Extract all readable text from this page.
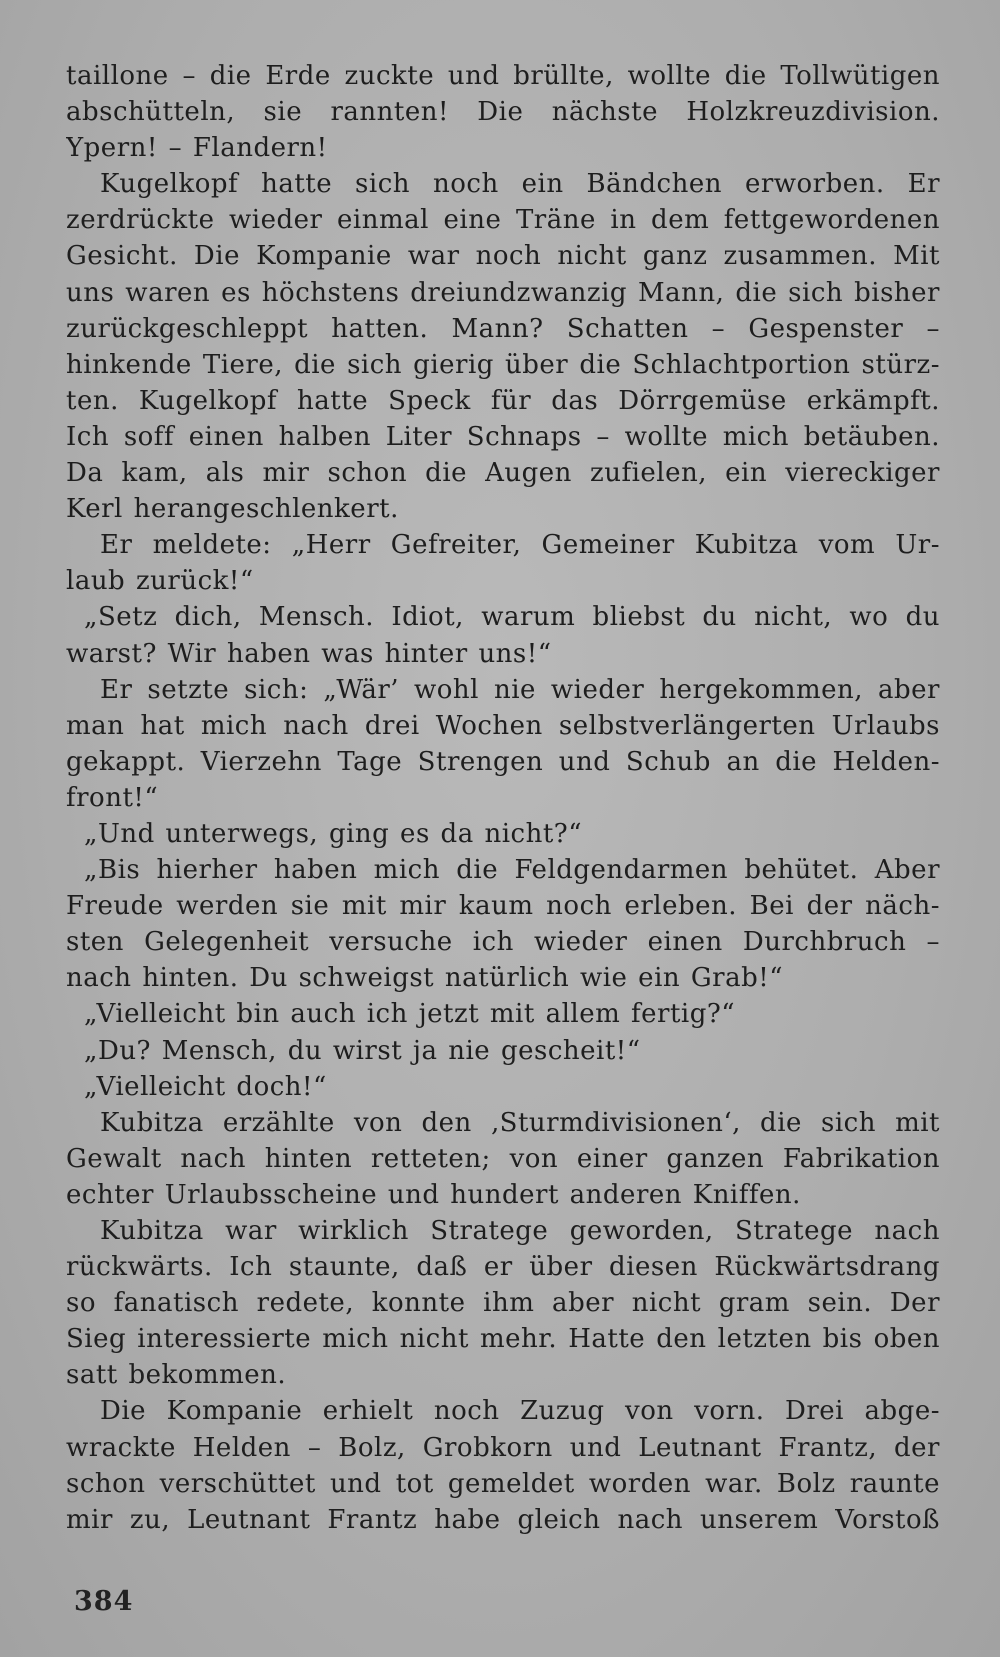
taillone – die Erde zuckte und brüllte, wollte die Tollwütigen
abschütteln, sie rannten! Die nächste Holzkreuzdivision.
Ypern! – Flandern!
Kugelkopf hatte sich noch ein Bändchen erworben. Er
zerdrückte wieder einmal eine Träne in dem fettgewordenen
Gesicht. Die Kompanie war noch nicht ganz zusammen. Mit
uns waren es höchstens dreiundzwanzig Mann, die sich bisher
zurückgeschleppt hatten. Mann? Schatten – Gespenster –
hinkende Tiere, die sich gierig über die Schlachtportion stürz-
ten. Kugelkopf hatte Speck für das Dörrgemüse erkämpft.
Ich soff einen halben Liter Schnaps – wollte mich betäuben.
Da kam, als mir schon die Augen zufielen, ein viereckiger
Kerl herangeschlenkert.
Er meldete: „Herr Gefreiter, Gemeiner Kubitza vom Ur-
laub zurück!“
„Setz dich, Mensch. Idiot, warum bliebst du nicht, wo du
warst? Wir haben was hinter uns!“
Er setzte sich: „Wär’ wohl nie wieder hergekommen, aber
man hat mich nach drei Wochen selbstverlängerten Urlaubs
gekappt. Vierzehn Tage Strengen und Schub an die Helden-
front!“
„Und unterwegs, ging es da nicht?“
„Bis hierher haben mich die Feldgendarmen behütet. Aber
Freude werden sie mit mir kaum noch erleben. Bei der näch-
sten Gelegenheit versuche ich wieder einen Durchbruch –
nach hinten. Du schweigst natürlich wie ein Grab!“
„Vielleicht bin auch ich jetzt mit allem fertig?“
„Du? Mensch, du wirst ja nie gescheit!“
„Vielleicht doch!“
Kubitza erzählte von den ‚Sturmdivisionen‘, die sich mit
Gewalt nach hinten retteten; von einer ganzen Fabrikation
echter Urlaubsscheine und hundert anderen Kniffen.
Kubitza war wirklich Stratege geworden, Stratege nach
rückwärts. Ich staunte, daß er über diesen Rückwärtsdrang
so fanatisch redete, konnte ihm aber nicht gram sein. Der
Sieg interessierte mich nicht mehr. Hatte den letzten bis oben
satt bekommen.
Die Kompanie erhielt noch Zuzug von vorn. Drei abge-
wrackte Helden – Bolz, Grobkorn und Leutnant Frantz, der
schon verschüttet und tot gemeldet worden war. Bolz raunte
mir zu, Leutnant Frantz habe gleich nach unserem Vorstoß
384
